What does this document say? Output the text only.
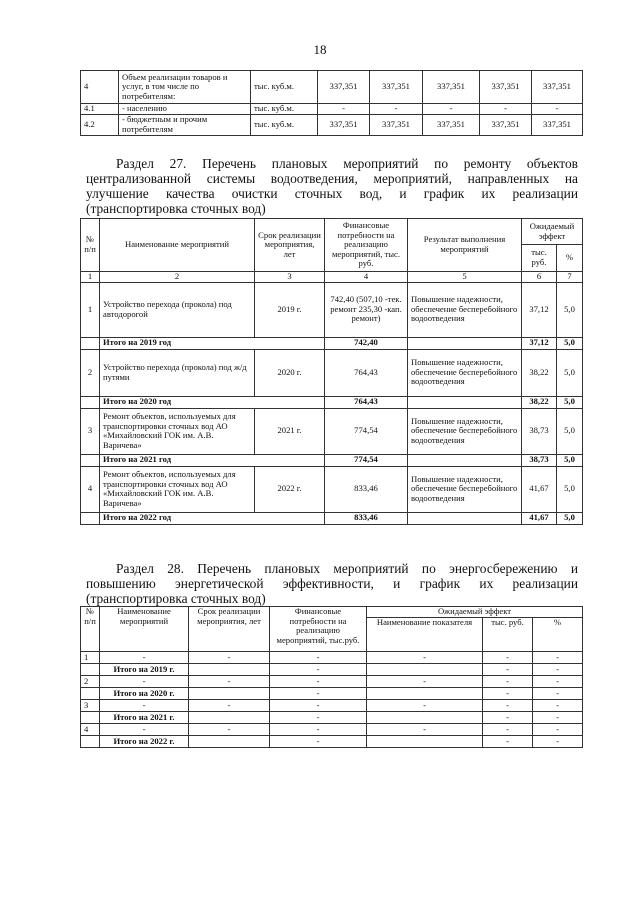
18
4	Объем реализации товаров и услуг, в том числе по потребителям:	тыс. куб.м.	337,351	337,351	337,351	337,351	337,351
4.1	- населению	тыс. куб.м.	-	-	-	-	-
4.2	- бюджетным и прочим потребителям	тыс. куб.м.	337,351	337,351	337,351	337,351	337,351
Раздел 27. Перечень плановых мероприятий по ремонту объектов
централизованной системы водоотведения, мероприятий, направленных на
улучшение качества очистки сточных вод, и график их реализации
(транспортировка сточных вод)
№ п/п	Наименование мероприятий	Срок реализации мероприятия, лет	Финансовые потребности на реализацию мероприятий, тыс. руб.	Результат выполнения мероприятий	Ожидаемый эффект	
					тыс. руб.	%
1	2	3	4	5	6	7
1	Устройство перехода (прокола) под автодорогой	2019 г.	742,40 (507,10 -тек. ремонт 235,30 -кап. ремонт)	Повышение надежности, обеспечение бесперебойного водоотведения	37,12	5,0
	Итого на 2019 год		742,40		37,12	5,0
2	Устройство перехода (прокола) под ж/д путями	2020 г.	764,43	Повышение надежности, обеспечение бесперебойного водоотведения	38,22	5,0
	Итого на 2020 год		764,43		38,22	5,0
3	Ремонт объектов, используемых для транспортировки сточных вод АО «Михайловский ГОК им. А.В. Варичева»	2021 г.	774,54	Повышение надежности, обеспечение бесперебойного водоотведения	38,73	5,0
	Итого на 2021 год		774,54		38,73	5,0
4	Ремонт объектов, используемых для транспортировки сточных вод АО «Михайловский ГОК им. А.В. Варичева»	2022 г.	833,46	Повышение надежности, обеспечение бесперебойного водоотведения	41,67	5,0
	Итого на 2022 год		833,46		41,67	5,0
Раздел 28. Перечень плановых мероприятий по энергосбережению и
повышению энергетической эффективности, и график их реализации
(транспортировка сточных вод)
№ п/п	Наименование мероприятий	Срок реализации мероприятия, лет	Финансовые потребности на реализацию мероприятий, тыс.руб.	Ожидаемый эффект		
				Наименование показателя	тыс. руб.	%
1	-	-	-	-	-	-
	Итого на 2019 г.		-		-	-
2	-	-	-	-	-	-
	Итого на 2020 г.		-		-	-
3	-	-	-	-	-	-
	Итого на 2021 г.		-		-	-
4	-	-	-	-	-	-
	Итого на 2022 г.		-		-	-
